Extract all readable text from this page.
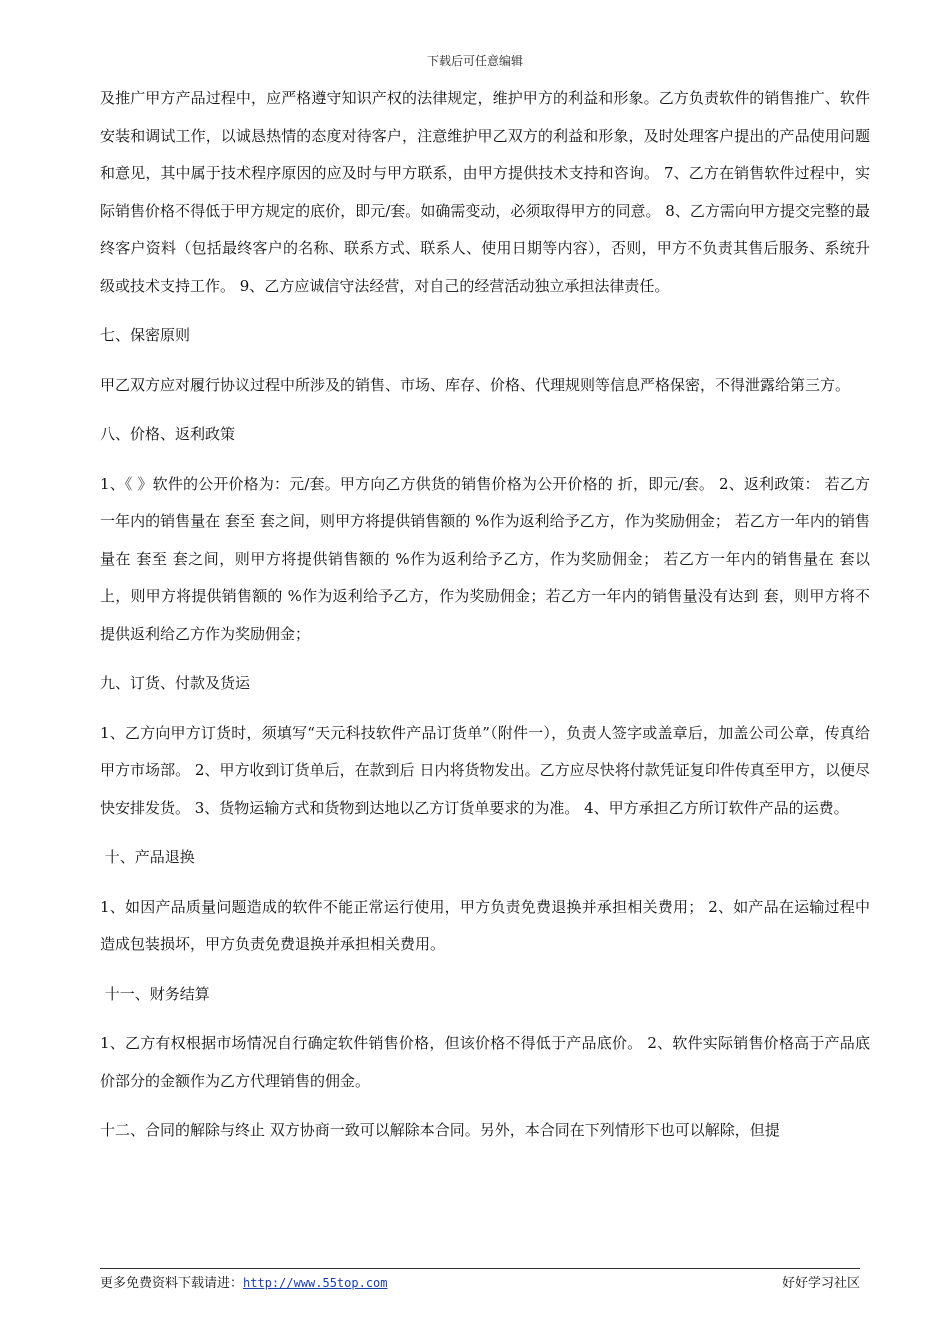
下载后可任意编辑

及推广甲方产品过程中，应严格遵守知识产权的法律规定，维护甲方的利益和形象。乙方负责软件的销售推广、软件安装和调试工作，以诚恳热情的态度对待客户，注意维护甲乙双方的利益和形象，及时处理客户提出的产品使用问题和意见，其中属于技术程序原因的应及时与甲方联系，由甲方提供技术支持和咨询。 7、乙方在销售软件过程中，实际销售价格不得低于甲方规定的底价，即元/套。如确需变动，必须取得甲方的同意。 8、乙方需向甲方提交完整的最终客户资料（包括最终客户的名称、联系方式、联系人、使用日期等内容），否则，甲方不负责其售后服务、系统升级或技术支持工作。 9、乙方应诚信守法经营，对自己的经营活动独立承担法律责任。

七、保密原则

甲乙双方应对履行协议过程中所涉及的销售、市场、库存、价格、代理规则等信息严格保密，不得泄露给第三方。

八、价格、返利政策

1、《 》软件的公开价格为：元/套。甲方向乙方供货的销售价格为公开价格的 折，即元/套。 2、返利政策： 若乙方一年内的销售量在 套至 套之间，则甲方将提供销售额的 %作为返利给予乙方，作为奖励佣金； 若乙方一年内的销售量在 套至 套之间，则甲方将提供销售额的 %作为返利给予乙方，作为奖励佣金； 若乙方一年内的销售量在 套以上，则甲方将提供销售额的 %作为返利给予乙方，作为奖励佣金；若乙方一年内的销售量没有达到 套，则甲方将不提供返利给乙方作为奖励佣金；

九、订货、付款及货运

1、乙方向甲方订货时，须填写“天元科技软件产品订货单”（附件一），负责人签字或盖章后，加盖公司公章，传真给甲方市场部。 2、甲方收到订货单后，在款到后 日内将货物发出。乙方应尽快将付款凭证复印件传真至甲方，以便尽快安排发货。 3、货物运输方式和货物到达地以乙方订货单要求的为准。 4、甲方承担乙方所订软件产品的运费。

十、产品退换

1、如因产品质量问题造成的软件不能正常运行使用，甲方负责免费退换并承担相关费用； 2、如产品在运输过程中造成包装损坏，甲方负责免费退换并承担相关费用。

十一、财务结算

1、乙方有权根据市场情况自行确定软件销售价格，但该价格不得低于产品底价。 2、软件实际销售价格高于产品底价部分的金额作为乙方代理销售的佣金。

十二、合同的解除与终止 双方协商一致可以解除本合同。另外，本合同在下列情形下也可以解除，但提

更多免费资料下载请进：http://www.55top.com	好好学习社区
